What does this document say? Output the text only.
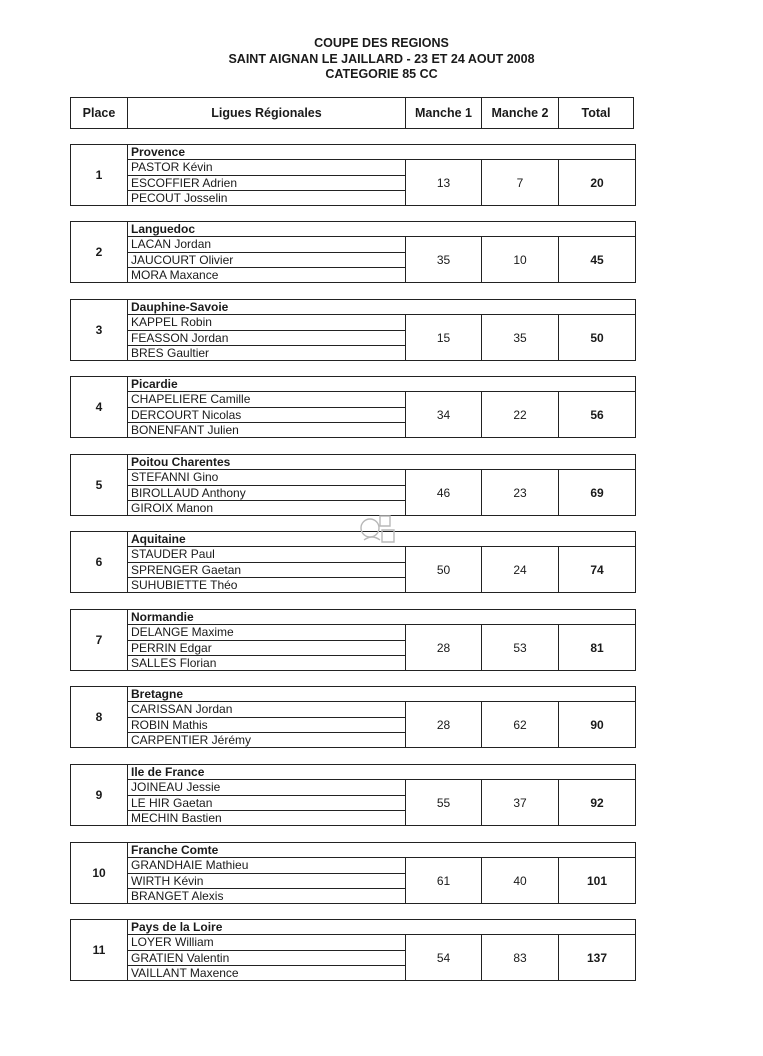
COUPE DES REGIONS
SAINT AIGNAN LE JAILLARD - 23 ET 24 AOUT 2008
CATEGORIE 85 CC
Place	Ligues Régionales	Manche 1	Manche 2	Total
1	Provence			
	PASTOR Kévin	13	7	20
	ESCOFFIER Adrien			
	PECOUT Josselin			
2	Languedoc			
	LACAN Jordan	35	10	45
	JAUCOURT Olivier			
	MORA Maxance			
3	Dauphine-Savoie			
	KAPPEL Robin	15	35	50
	FEASSON Jordan			
	BRES Gaultier			
4	Picardie			
	CHAPELIERE Camille	34	22	56
	DERCOURT Nicolas			
	BONENFANT Julien			
5	Poitou Charentes			
	STEFANNI Gino	46	23	69
	BIROLLAUD Anthony			
	GIROIX Manon			
6	Aquitaine			
	STAUDER Paul	50	24	74
	SPRENGER Gaetan			
	SUHUBIETTE Théo			
7	Normandie			
	DELANGE Maxime	28	53	81
	PERRIN Edgar			
	SALLES Florian			
8	Bretagne			
	CARISSAN Jordan	28	62	90
	ROBIN Mathis			
	CARPENTIER Jérémy			
9	Ile de France			
	JOINEAU Jessie	55	37	92
	LE HIR Gaetan			
	MECHIN Bastien			
10	Franche Comte			
	GRANDHAIE Mathieu	61	40	101
	WIRTH Kévin			
	BRANGET Alexis			
11	Pays de la Loire			
	LOYER William	54	83	137
	GRATIEN Valentin			
	VAILLANT Maxence			
